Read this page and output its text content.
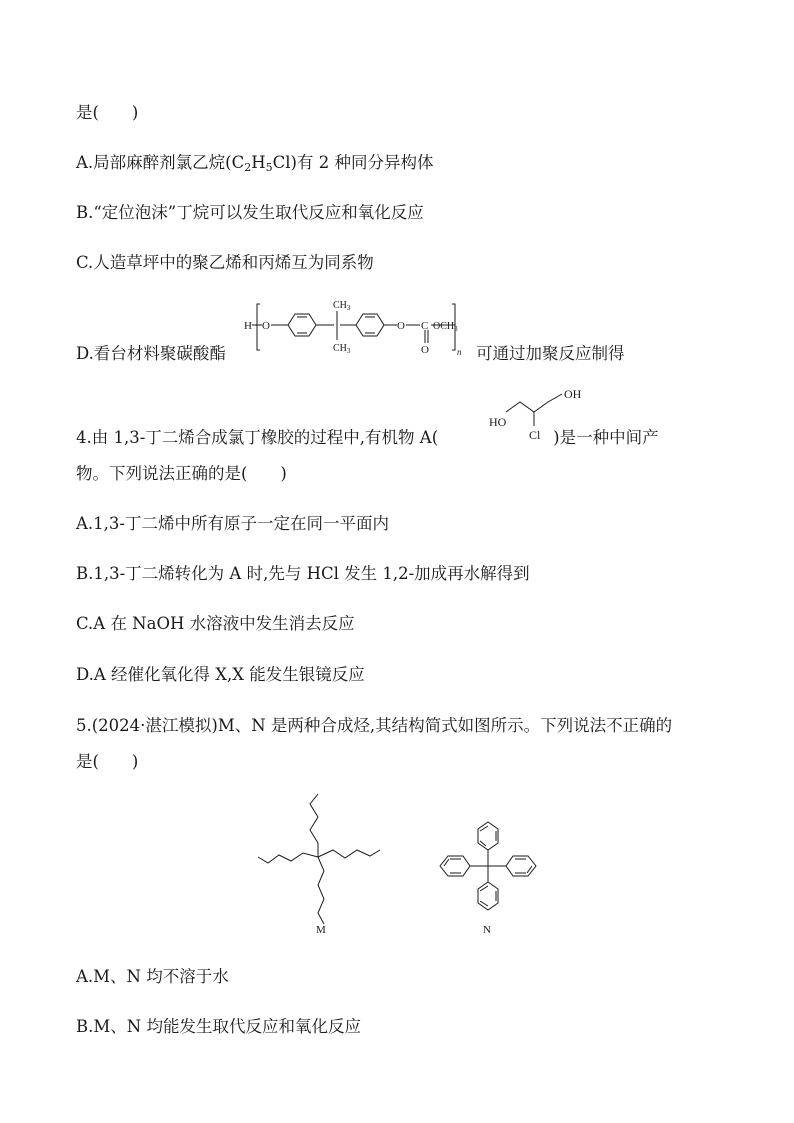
是(　　)
A.局部麻醉剂氯乙烷$(C_2H_5Cl)$有 2 种同分异构体
B.“定位泡沫”丁烷可以发生取代反应和氧化反应
C.人造草坪中的聚乙烯和丙烯互为同系物
D.看台材料聚碳酸酯	可通过加聚反应制得
H O
$CH_3$
$CH_3$
O C
O
$OCH_3$
n
4.由 1,3-丁二烯合成氯丁橡胶的过程中,有机物 A(	)是一种中间产
HO
Cl
OH
物。下列说法正确的是(　　)
A.1,3-丁二烯中所有原子一定在同一平面内
B.1,3-丁二烯转化为 A 时,先与 HCl 发生 1,2-加成再水解得到
C.A 在 NaOH 水溶液中发生消去反应
D.A 经催化氧化得 X,X 能发生银镜反应
5.(2024·湛江模拟)M、N 是两种合成烃,其结构简式如图所示。下列说法不正确的
是(　　)
M	N
A.M、N 均不溶于水
B.M、N 均能发生取代反应和氧化反应
